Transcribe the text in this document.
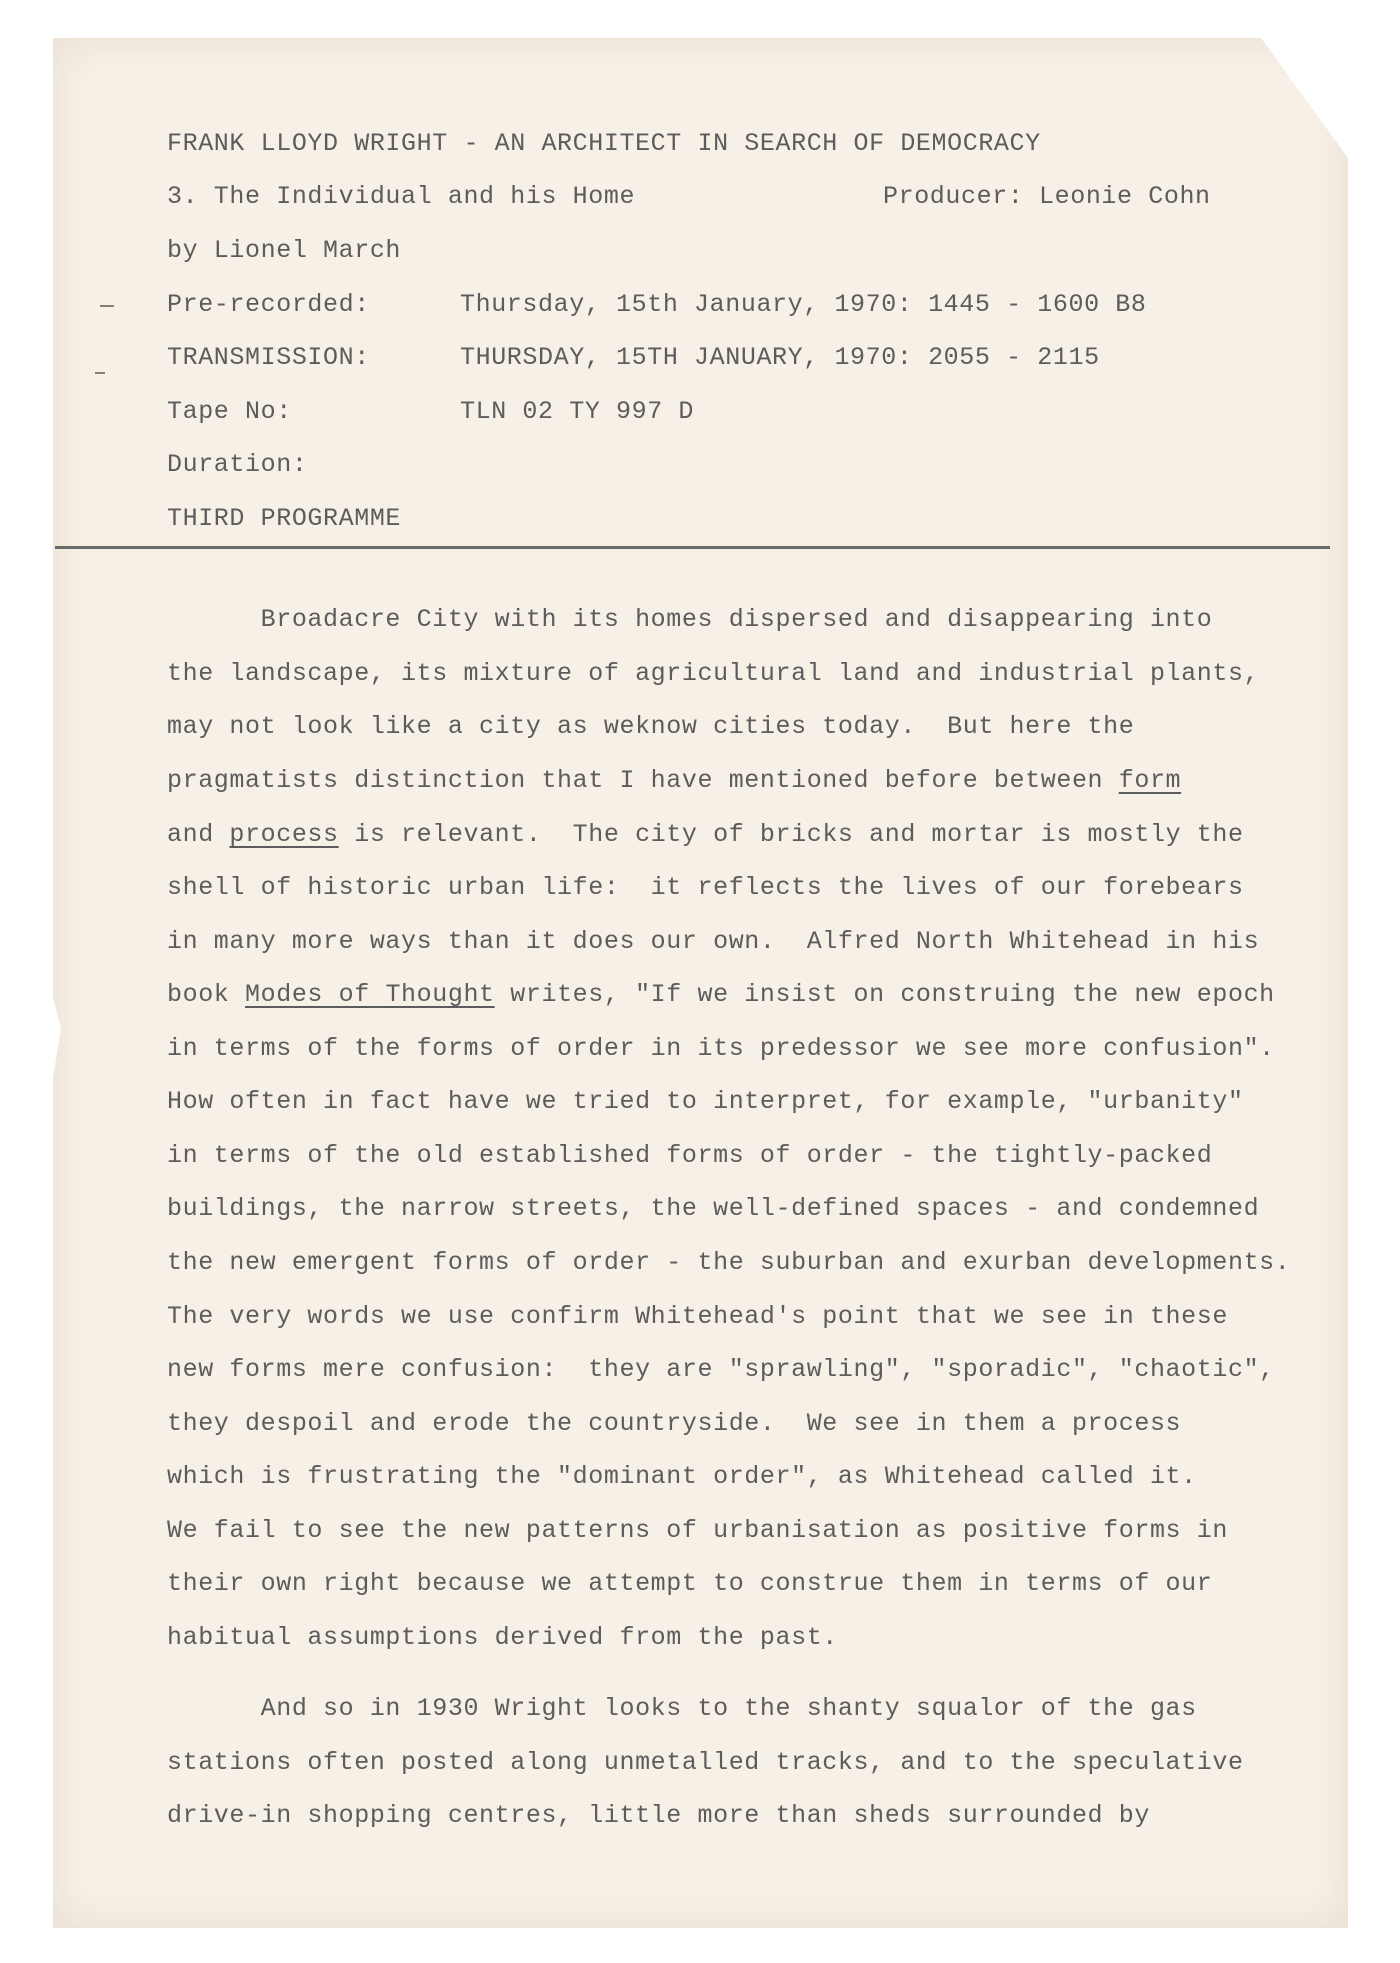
FRANK LLOYD WRIGHT - AN ARCHITECT IN SEARCH OF DEMOCRACY
3. The Individual and his Home	Producer: Leonie Cohn
by Lionel March
Pre-recorded:	Thursday, 15th January, 1970: 1445 - 1600 B8
TRANSMISSION:	THURSDAY, 15TH JANUARY, 1970: 2055 - 2115
Tape No:	TLN 02 TY 997 D
Duration:
THIRD PROGRAMME
Broadacre City with its homes dispersed and disappearing into
the landscape, its mixture of agricultural land and industrial plants,
may not look like a city as weknow cities today.  But here the
pragmatists distinction that I have mentioned before between form
and process is relevant.  The city of bricks and mortar is mostly the
shell of historic urban life:  it reflects the lives of our forebears
in many more ways than it does our own.  Alfred North Whitehead in his
book Modes of Thought writes, "If we insist on construing the new epoch
in terms of the forms of order in its predessor we see more confusion".
How often in fact have we tried to interpret, for example, "urbanity"
in terms of the old established forms of order - the tightly-packed
buildings, the narrow streets, the well-defined spaces - and condemned
the new emergent forms of order - the suburban and exurban developments.
The very words we use confirm Whitehead's point that we see in these
new forms mere confusion:  they are "sprawling", "sporadic", "chaotic",
they despoil and erode the countryside.  We see in them a process
which is frustrating the "dominant order", as Whitehead called it.
We fail to see the new patterns of urbanisation as positive forms in
their own right because we attempt to construe them in terms of our
habitual assumptions derived from the past.
And so in 1930 Wright looks to the shanty squalor of the gas
stations often posted along unmetalled tracks, and to the speculative
drive-in shopping centres, little more than sheds surrounded by
